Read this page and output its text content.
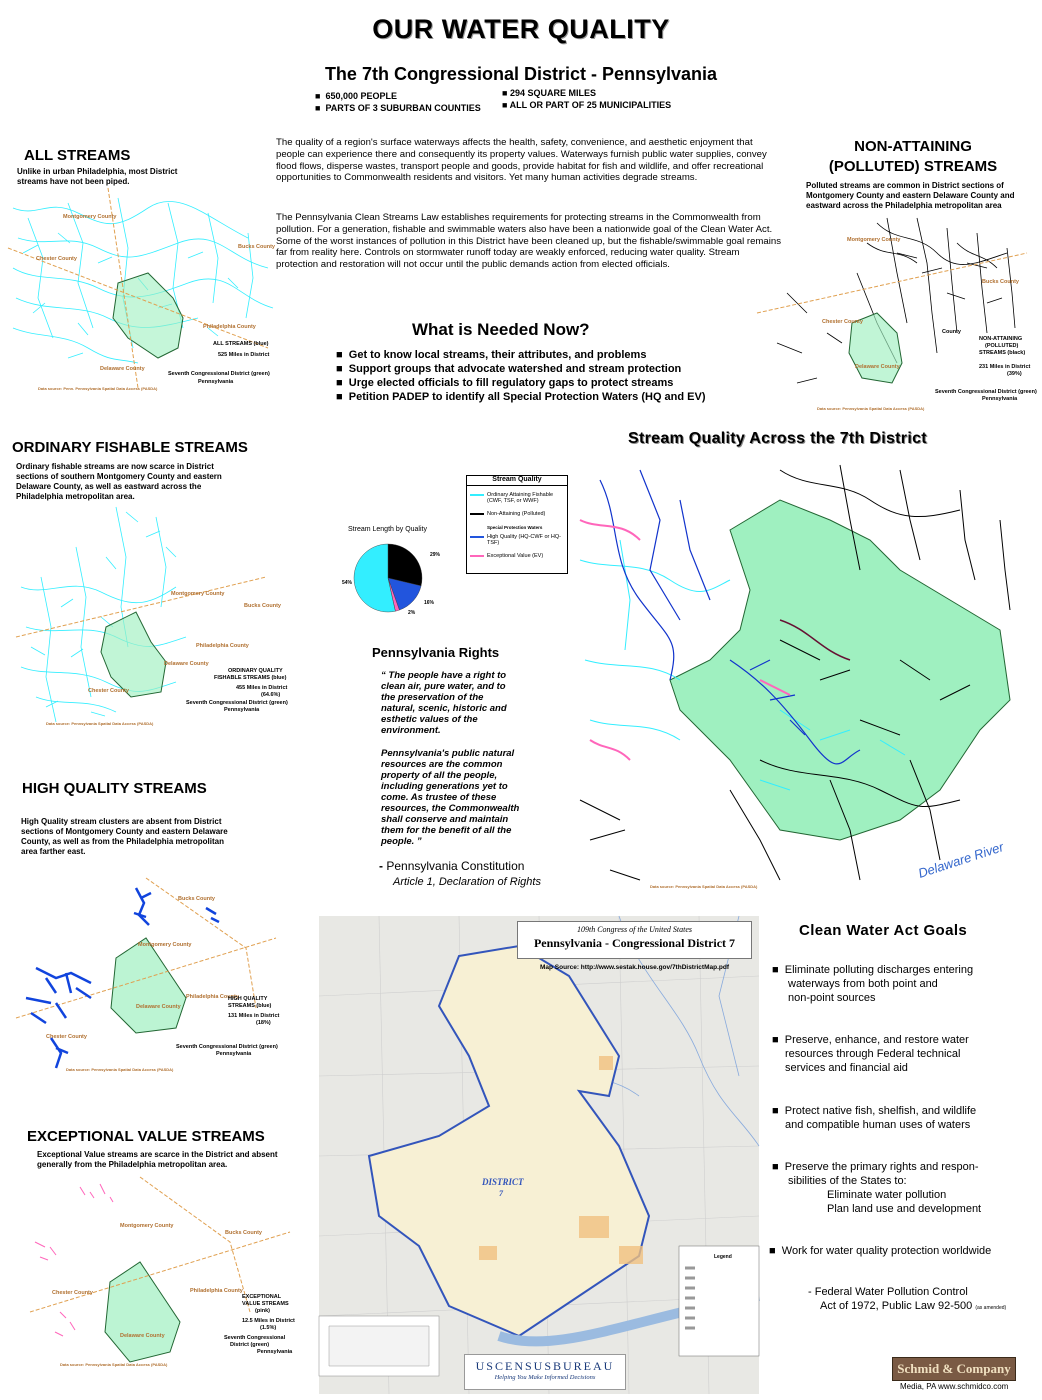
OUR WATER QUALITY
The 7th Congressional District - Pennsylvania
■  650,000 PEOPLE
■  PARTS OF 3 SUBURBAN COUNTIES
■ 294 SQUARE MILES
■ ALL OR PART OF 25 MUNICIPALITIES
ALL STREAMS
Unlike in urban Philadelphia, most District streams have not been piped.
Montgomery County
Bucks County
Chester County
Philadelphia County
Delaware County
ALL STREAMS (blue)
525 Miles in District
Seventh Congressional District (green)
Pennsylvania
Data source: Penn. Pennsylvania Spatial Data Access (PASDA)
The quality of a region's surface waterways affects the health, safety, convenience, and aesthetic enjoyment that people can experience there and consequently its property values. Waterways furnish public water supplies, convey flood flows, disperse wastes, transport people and goods, provide habitat for fish and wildlife, and offer recreational opportunities to Commonwealth residents and visitors. Yet many human activities degrade streams.
The Pennsylvania Clean Streams Law establishes requirements for protecting streams in the Commonwealth from pollution. For a generation, fishable and swimmable waters also have been a nationwide goal of the Clean Water Act. Some of the worst instances of pollution in this District have been cleaned up, but the fishable/swimmable goal remains far from reality here. Controls on stormwater runoff today are weakly enforced, reducing water quality. Stream protection and restoration will not occur until the public demands action from elected officials.
What is Needed Now?
■  Get to know local streams, their attributes, and problems
■  Support groups that advocate watershed and stream protection
■  Urge elected officials to fill regulatory gaps to protect streams
■  Petition PADEP to identify all Special Protection Waters (HQ and EV)
NON-ATTAINING
(POLLUTED) STREAMS
Polluted streams are common in District sections of Montgomery County and eastern Delaware County and eastward across the Philadelphia metropolitan area
Montgomery County
Bucks County
Chester County
Delaware County
County
NON-ATTAINING
(POLLUTED)
STREAMS (black)
231 Miles in District
(39%)
Seventh Congressional District (green)
Pennsylvania
Data source: Pennsylvania Spatial Data Access (PASDA)
ORDINARY FISHABLE STREAMS
Ordinary fishable streams are now scarce in District sections of southern Montgomery County and eastern Delaware County, as well as eastward across the Philadelphia metropolitan area.
Montgomery County
Bucks County
Philadelphia County
Delaware County
Chester County
ORDINARY QUALITY
FISHABLE STREAMS (blue)
455 Miles in District
(64.6%)
Seventh Congressional District (green)
Pennsylvania
Data source: Pennsylvania Spatial Data Access (PASDA)
Stream Length by Quality
29%
16%
2%
54%
Stream Quality
Ordinary Attaining Fishable (CWF, TSF, or WWF)
Non-Attaining (Polluted)
Special Protection Waters
High Quality (HQ-CWF or HQ-TSF)
Exceptional Value (EV)
Stream Quality Across the 7th District
Delaware River
Data source: Pennsylvania Spatial Data Access (PASDA)
Pennsylvania Rights
“ The people have a right to clean air, pure water, and to the preservation of the natural, scenic, historic and esthetic values of the environment.
Pennsylvania's public natural resources are the common property of all the people, including generations yet to come. As trustee of these resources, the Commonwealth shall conserve and maintain them for the benefit of all the people. ”
- Pennsylvania Constitution
Article 1, Declaration of Rights
HIGH QUALITY STREAMS
High Quality stream clusters are absent from District sections of Montgomery County and eastern Delaware County, as well as from the Philadelphia metropolitan area farther east.
Bucks County
Montgomery County
Philadelphia County
Delaware County
Chester County
HIGH QUALITY
STREAMS (blue)
131 Miles in District
(18%)
Seventh Congressional District (green)
Pennsylvania
Data source: Pennsylvania Spatial Data Access (PASDA)
EXCEPTIONAL VALUE STREAMS
Exceptional Value streams are scarce in the District and absent generally from the Philadelphia metropolitan area.
Montgomery County
Bucks County
Chester County	Philadelphia County
Delaware County
EXCEPTIONAL
VALUE STREAMS
(pink)
12.5 Miles in District
(1.5%)
Seventh Congressional
District (green)
Pennsylvania
Data source: Pennsylvania Spatial Data Access (PASDA)
Legend
DISTRICT
7
109th Congress of the United States
Pennsylvania - Congressional District 7
Map Source: http://www.sestak.house.gov/7thDistrictMap.pdf
USCENSUSBUREAU
Helping You Make Informed Decisions
Clean Water Act Goals
■  Eliminate polluting discharges entering
waterways from both point and
non-point sources
■  Preserve, enhance, and restore water
resources through Federal technical
services and financial aid
■  Protect native fish, shelfish, and wildlife
and compatible human uses of waters
■  Preserve the primary rights and respon-
sibilities of the States to:
Eliminate water pollution
Plan land use and development
■  Work for water quality protection worldwide
- Federal Water Pollution Control
Act of 1972, Public Law 92-500 (as amended)
Schmid & Company
Media, PA www.schmidco.com
